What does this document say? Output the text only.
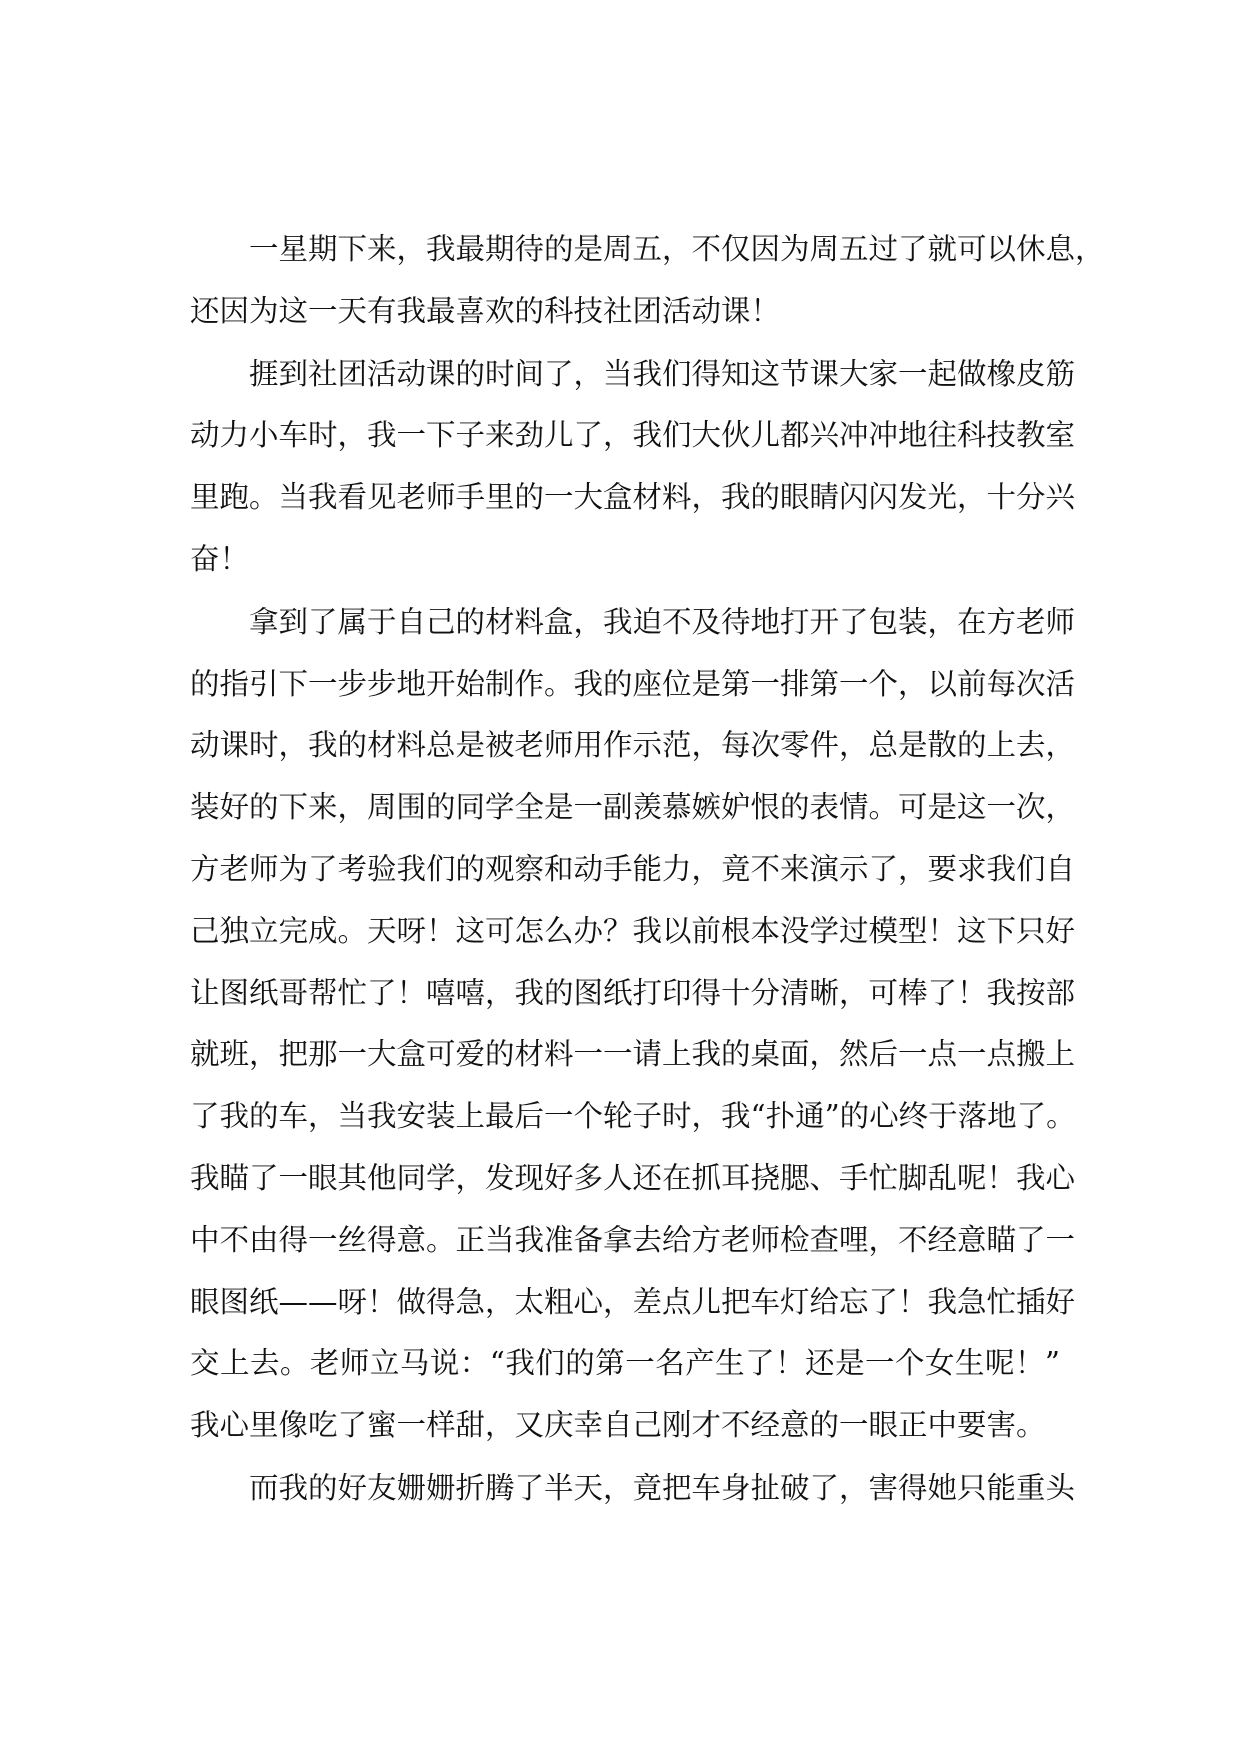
一星期下来，我最期待的是周五，不仅因为周五过了就可以休息，
还因为这一天有我最喜欢的科技社团活动课！
捱到社团活动课的时间了，当我们得知这节课大家一起做橡皮筋
动力小车时，我一下子来劲儿了，我们大伙儿都兴冲冲地往科技教室
里跑。当我看见老师手里的一大盒材料，我的眼睛闪闪发光，十分兴
奋！
拿到了属于自己的材料盒，我迫不及待地打开了包装，在方老师
的指引下一步步地开始制作。我的座位是第一排第一个，以前每次活
动课时，我的材料总是被老师用作示范，每次零件，总是散的上去，
装好的下来，周围的同学全是一副羡慕嫉妒恨的表情。可是这一次，
方老师为了考验我们的观察和动手能力，竟不来演示了，要求我们自
己独立完成。天呀！这可怎么办？我以前根本没学过模型！这下只好
让图纸哥帮忙了！嘻嘻，我的图纸打印得十分清晰，可棒了！我按部
就班，把那一大盒可爱的材料一一请上我的桌面，然后一点一点搬上
了我的车，当我安装上最后一个轮子时，我“扑通”的心终于落地了。
我瞄了一眼其他同学，发现好多人还在抓耳挠腮、手忙脚乱呢！我心
中不由得一丝得意。正当我准备拿去给方老师检查哩，不经意瞄了一
眼图纸——呀！做得急，太粗心，差点儿把车灯给忘了！我急忙插好
交上去。老师立马说：“我们的第一名产生了！还是一个女生呢！”
我心里像吃了蜜一样甜，又庆幸自己刚才不经意的一眼正中要害。
而我的好友姗姗折腾了半天，竟把车身扯破了，害得她只能重头
